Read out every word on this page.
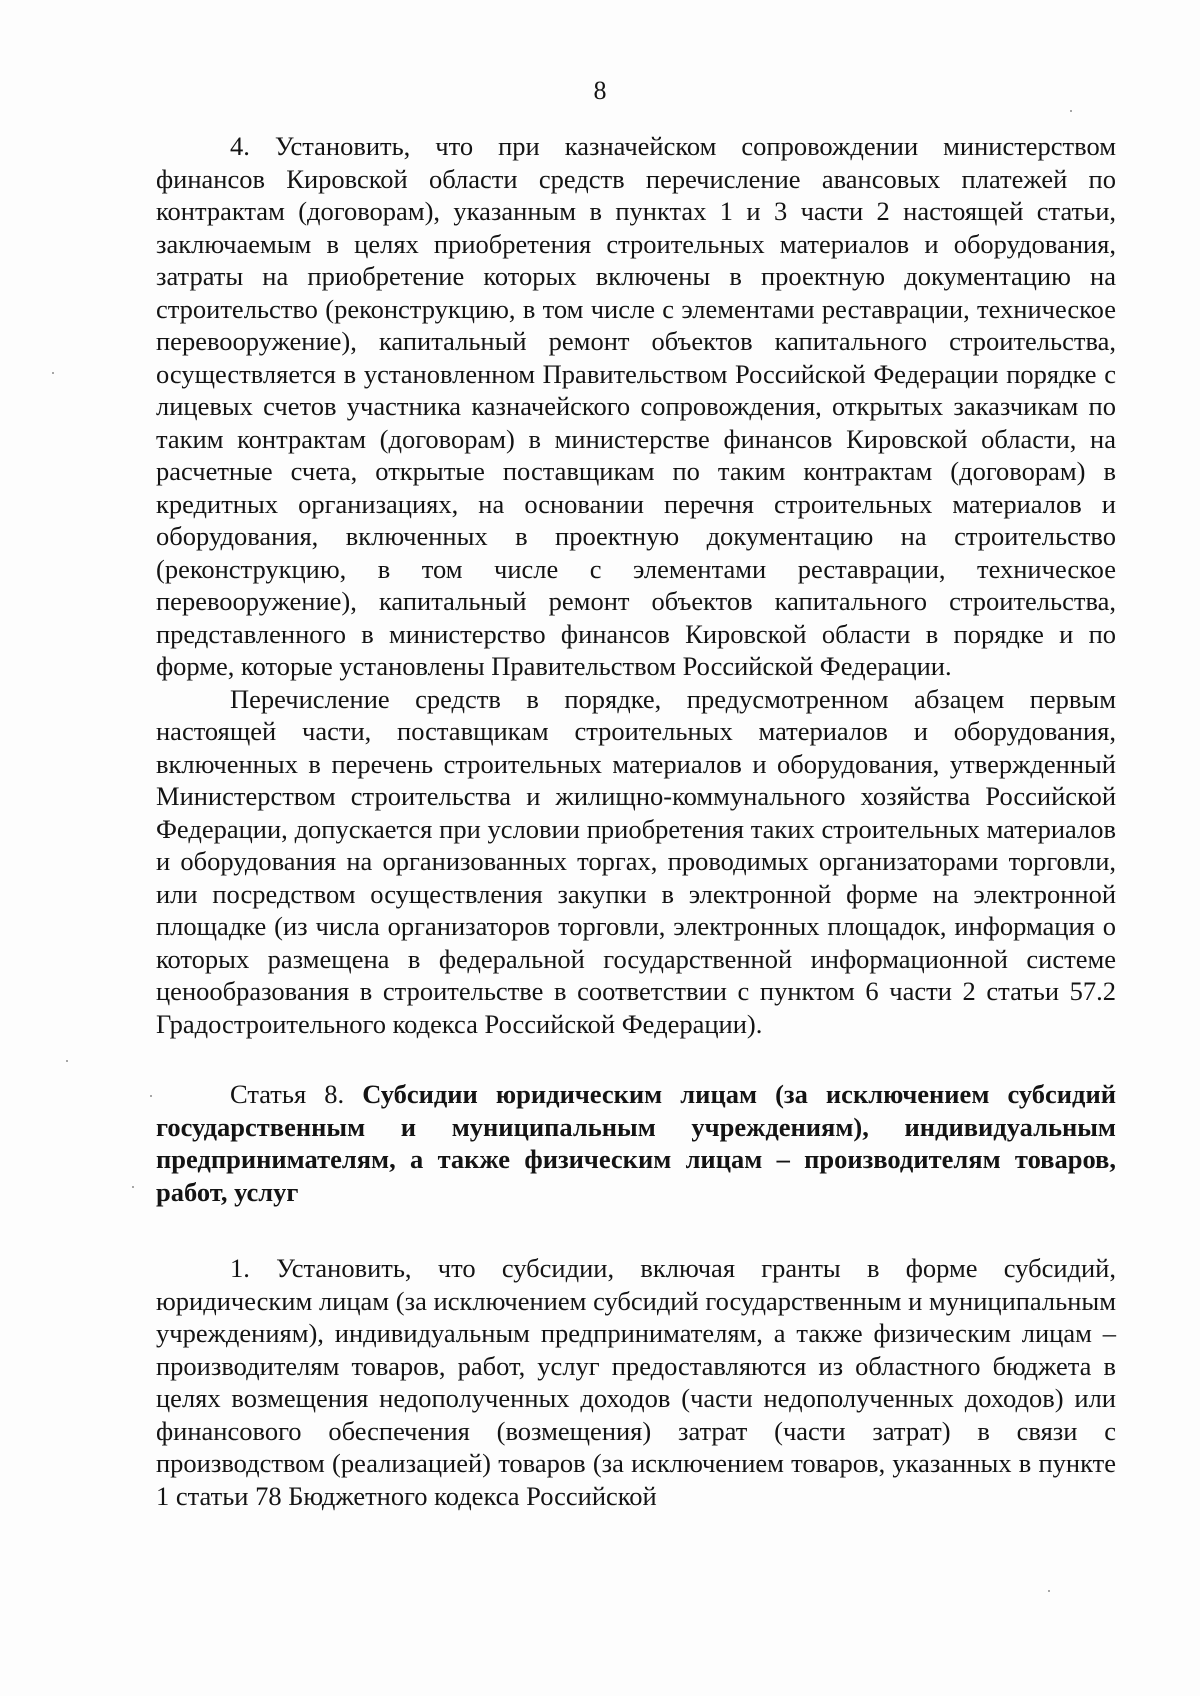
8

4. Установить, что при казначейском сопровождении министерством финансов Кировской области средств перечисление авансовых платежей по контрактам (договорам), указанным в пунктах 1 и 3 части 2 настоящей статьи, заключаемым в целях приобретения строительных материалов и оборудования, затраты на приобретение которых включены в проектную документацию на строительство (реконструкцию, в том числе с элементами реставрации, техническое перевооружение), капитальный ремонт объектов капитального строительства, осуществляется в установленном Правительством Российской Федерации порядке с лицевых счетов участника казначейского сопровождения, открытых заказчикам по таким контрактам (договорам) в министерстве финансов Кировской области, на расчетные счета, открытые поставщикам по таким контрактам (договорам) в кредитных организациях, на основании перечня строительных материалов и оборудования, включенных в проектную документацию на строительство (реконструкцию, в том числе с элементами реставрации, техническое перевооружение), капитальный ремонт объектов капитального строительства, представленного в министерство финансов Кировской области в порядке и по форме, которые установлены Правительством Российской Федерации.

Перечисление средств в порядке, предусмотренном абзацем первым настоящей части, поставщикам строительных материалов и оборудования, включенных в перечень строительных материалов и оборудования, утвержденный Министерством строительства и жилищно-коммунального хозяйства Российской Федерации, допускается при условии приобретения таких строительных материалов и оборудования на организованных торгах, проводимых организаторами торговли, или посредством осуществления закупки в электронной форме на электронной площадке (из числа организаторов торговли, электронных площадок, информация о которых размещена в федеральной государственной информационной системе ценообразования в строительстве в соответствии с пунктом 6 части 2 статьи 57.2 Градостроительного кодекса Российской Федерации).

Статья 8. Субсидии юридическим лицам (за исключением субсидий государственным и муниципальным учреждениям), индивидуальным предпринимателям, а также физическим лицам – производителям товаров, работ, услуг

1. Установить, что субсидии, включая гранты в форме субсидий, юридическим лицам (за исключением субсидий государственным и муниципальным учреждениям), индивидуальным предпринимателям, а также физическим лицам – производителям товаров, работ, услуг предоставляются из областного бюджета в целях возмещения недополученных доходов (части недополученных доходов) или финансового обеспечения (возмещения) затрат (части затрат) в связи с производством (реализацией) товаров (за исключением товаров, указанных в пункте 1 статьи 78 Бюджетного кодекса Российской
